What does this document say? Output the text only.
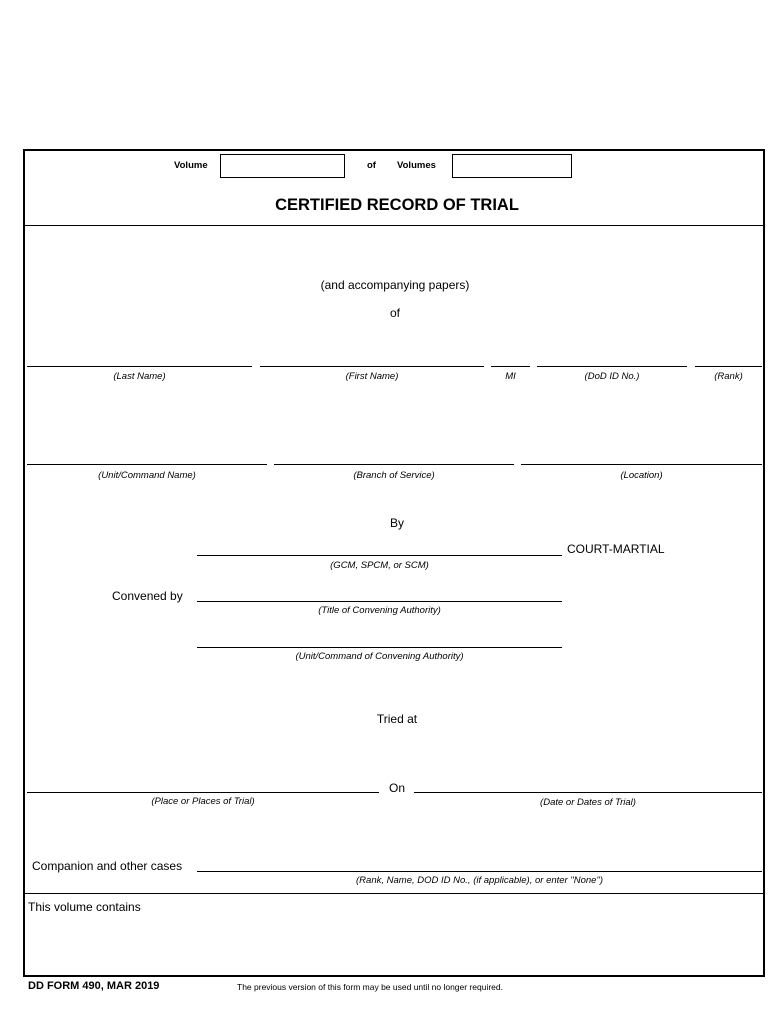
Volume	of Volumes
CERTIFIED RECORD OF TRIAL
(and accompanying papers)
of
(Last Name)	(First Name)	MI	(DoD ID No.)	(Rank)
(Unit/Command Name)	(Branch of Service)	(Location)
By
COURT-MARTIAL
(GCM, SPCM, or SCM)
Convened by
(Title of Convening Authority)
(Unit/Command of Convening Authority)
Tried at
On
(Place or Places of Trial)	(Date or Dates of Trial)
Companion and other cases
(Rank, Name, DOD ID No., (if applicable), or enter "None")
This volume contains
DD FORM 490, MAR 2019	The previous version of this form may be used until no longer required.
